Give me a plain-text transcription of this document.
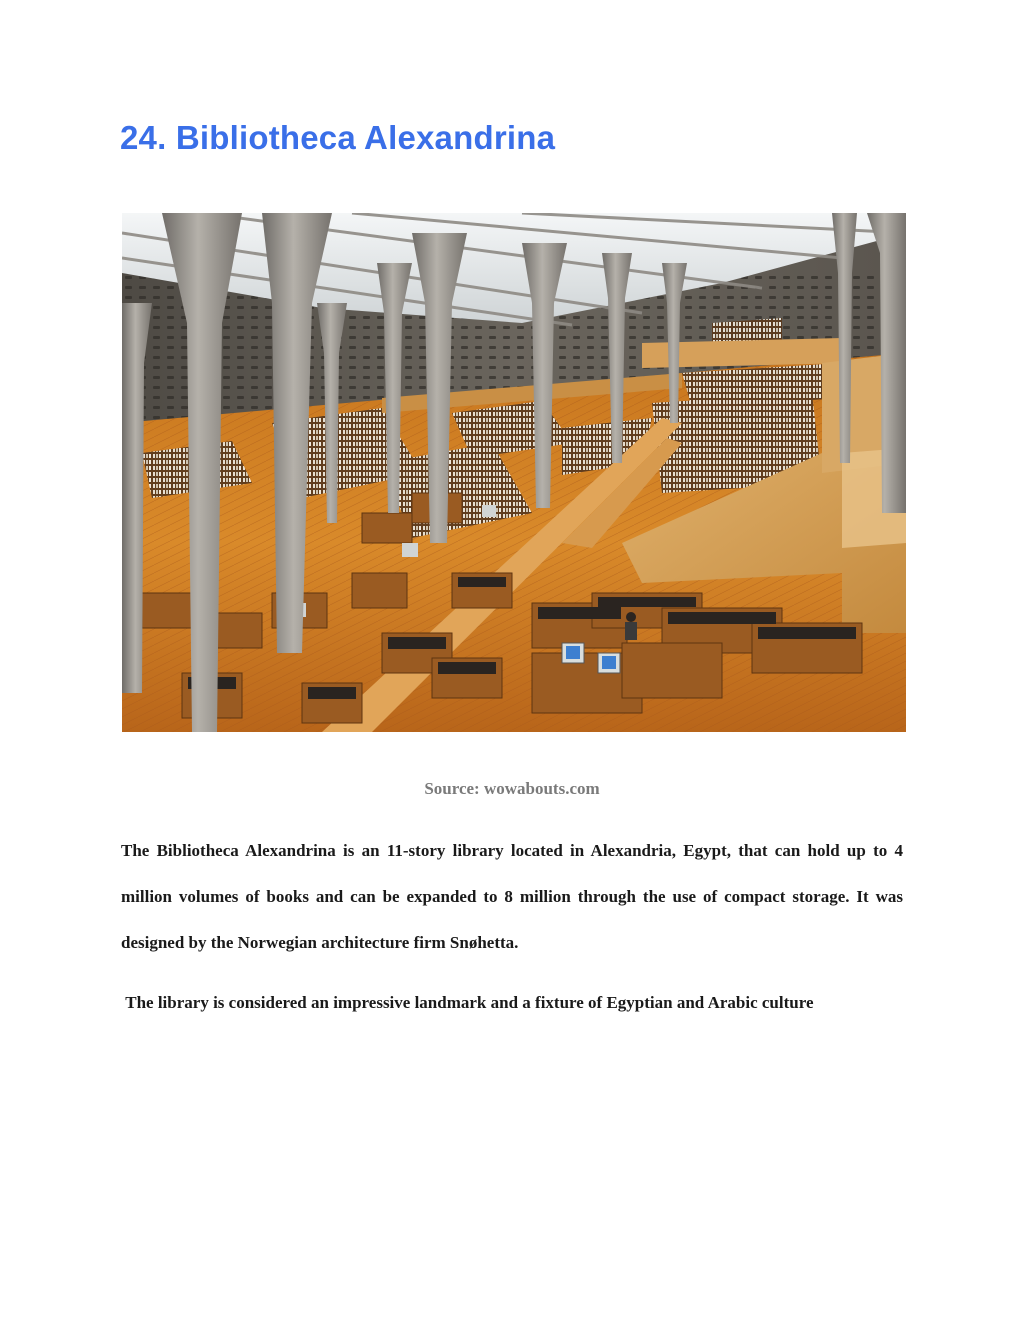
24. Bibliotheca Alexandrina

Source: wowabouts.com

The Bibliotheca Alexandrina is an 11-story library located in Alexandria, Egypt, that can hold up to 4 million volumes of books and can be expanded to 8 million through the use of compact storage. It was designed by the Norwegian architecture firm Snøhetta.

The library is considered an impressive landmark and a fixture of Egyptian and Arabic culture
